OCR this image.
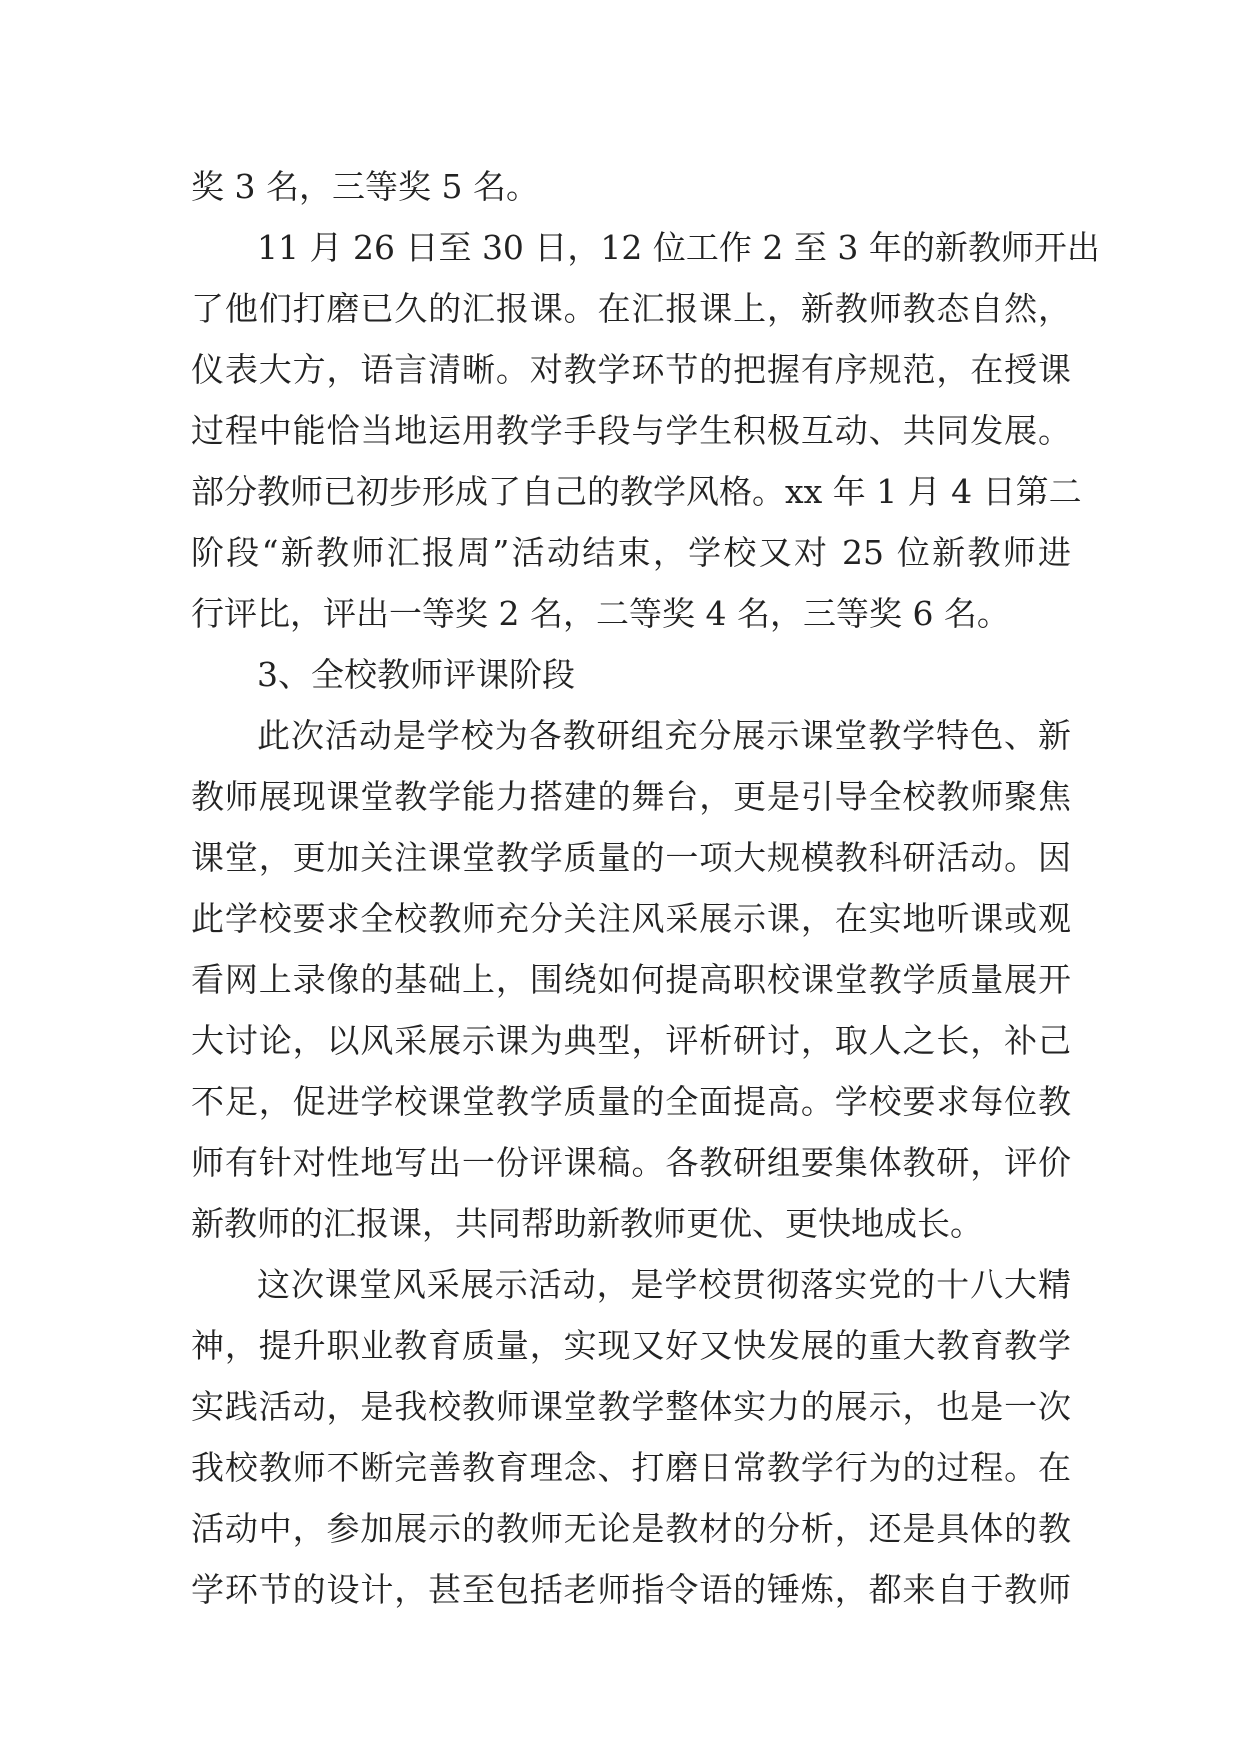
奖 3 名，三等奖 5 名。
11 月 26 日至 30 日，12 位工作 2 至 3 年的新教师开出
了他们打磨已久的汇报课。在汇报课上，新教师教态自然，
仪表大方，语言清晰。对教学环节的把握有序规范，在授课
过程中能恰当地运用教学手段与学生积极互动、共同发展。
部分教师已初步形成了自己的教学风格。xx 年 1 月 4 日第二
阶段“新教师汇报周”活动结束，学校又对 25 位新教师进
行评比，评出一等奖 2 名，二等奖 4 名，三等奖 6 名。
3、全校教师评课阶段
此次活动是学校为各教研组充分展示课堂教学特色、新
教师展现课堂教学能力搭建的舞台，更是引导全校教师聚焦
课堂，更加关注课堂教学质量的一项大规模教科研活动。因
此学校要求全校教师充分关注风采展示课，在实地听课或观
看网上录像的基础上，围绕如何提高职校课堂教学质量展开
大讨论，以风采展示课为典型，评析研讨，取人之长，补己
不足，促进学校课堂教学质量的全面提高。学校要求每位教
师有针对性地写出一份评课稿。各教研组要集体教研，评价
新教师的汇报课，共同帮助新教师更优、更快地成长。
这次课堂风采展示活动，是学校贯彻落实党的十八大精
神，提升职业教育质量，实现又好又快发展的重大教育教学
实践活动，是我校教师课堂教学整体实力的展示，也是一次
我校教师不断完善教育理念、打磨日常教学行为的过程。在
活动中，参加展示的教师无论是教材的分析，还是具体的教
学环节的设计，甚至包括老师指令语的锤炼，都来自于教师
